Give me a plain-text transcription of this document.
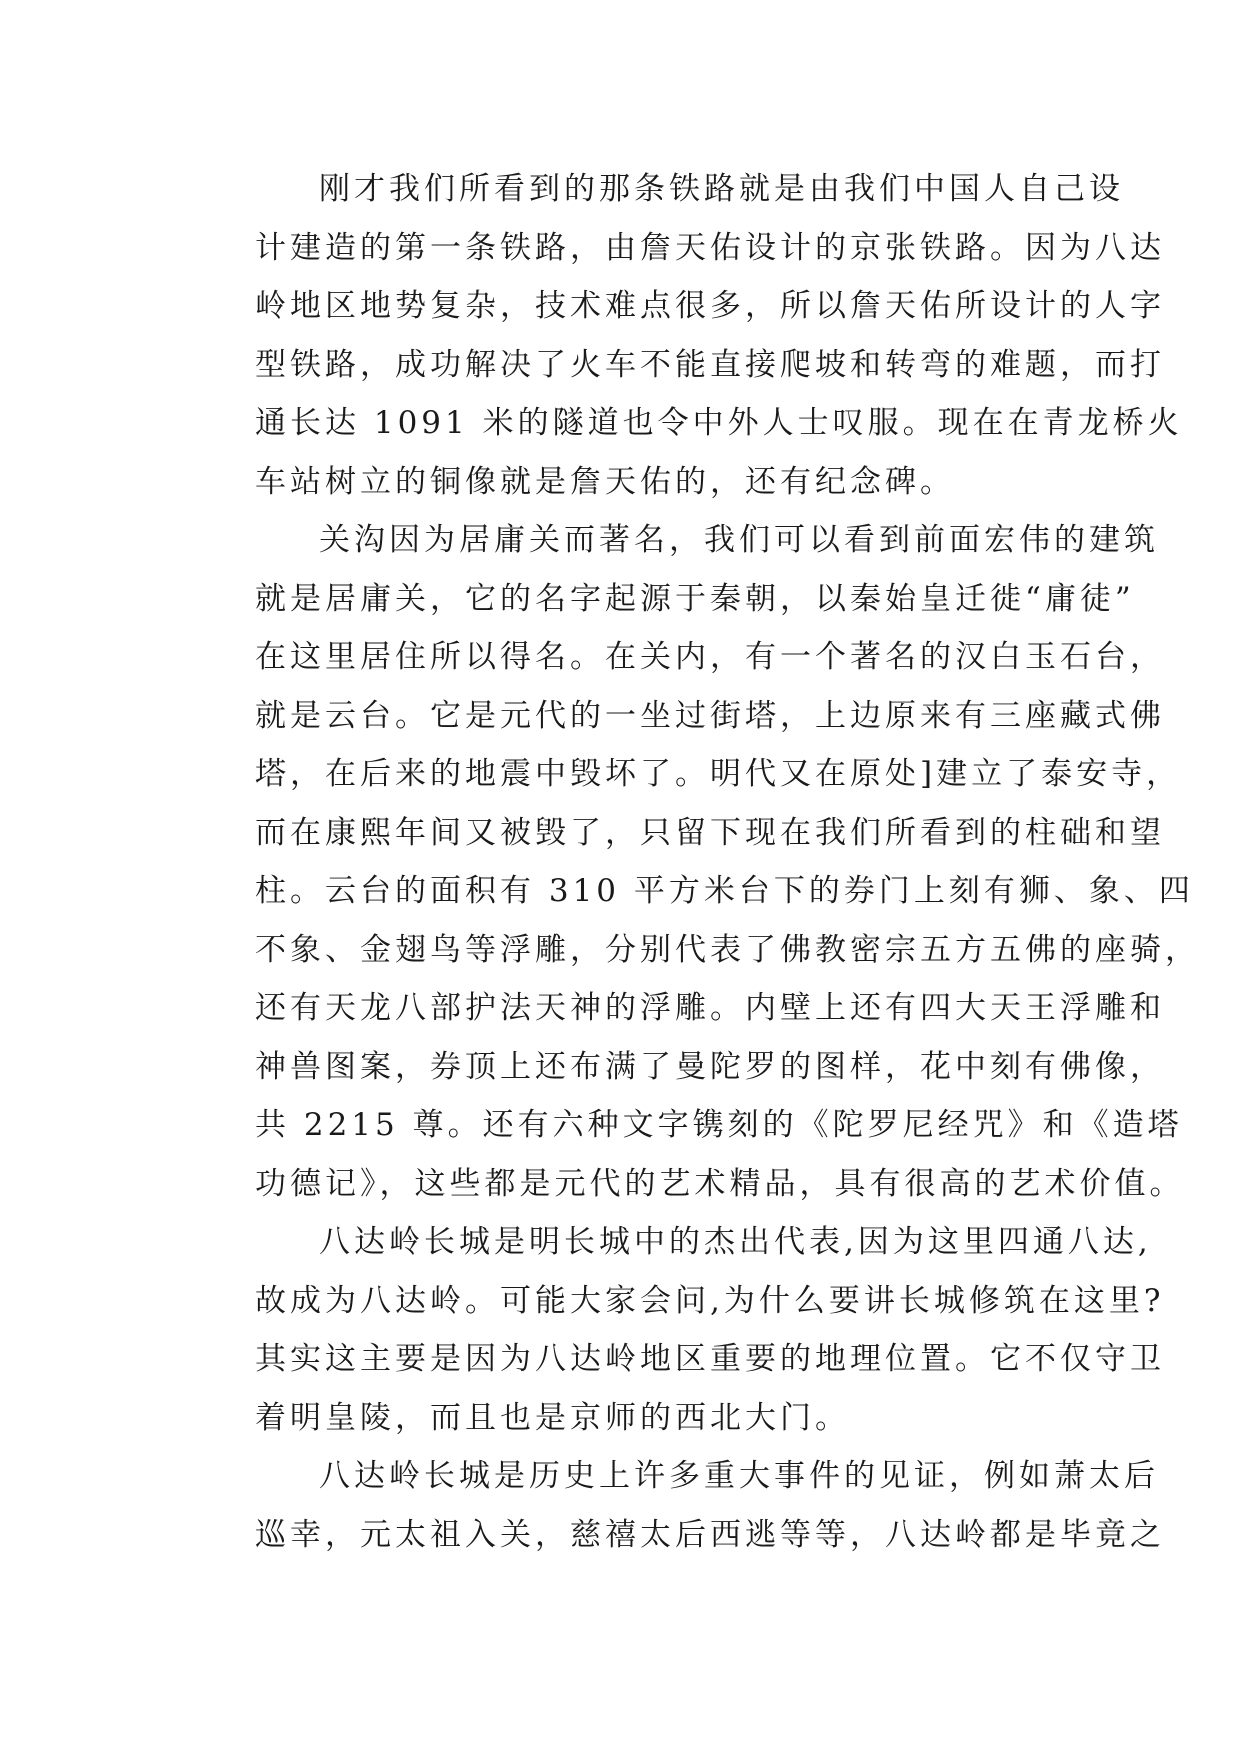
刚才我们所看到的那条铁路就是由我们中国人自己设
计建造的第一条铁路，由詹天佑设计的京张铁路。因为八达
岭地区地势复杂，技术难点很多，所以詹天佑所设计的人字
型铁路，成功解决了火车不能直接爬坡和转弯的难题，而打
通长达 1091 米的隧道也令中外人士叹服。现在在青龙桥火
车站树立的铜像就是詹天佑的，还有纪念碑。
关沟因为居庸关而著名，我们可以看到前面宏伟的建筑
就是居庸关，它的名字起源于秦朝，以秦始皇迁徙“庸徒”
在这里居住所以得名。在关内，有一个著名的汉白玉石台，
就是云台。它是元代的一坐过街塔，上边原来有三座藏式佛
塔，在后来的地震中毁坏了。明代又在原处]建立了泰安寺，
而在康熙年间又被毁了，只留下现在我们所看到的柱础和望
柱。云台的面积有 310 平方米台下的券门上刻有狮、象、四
不象、金翅鸟等浮雕，分别代表了佛教密宗五方五佛的座骑，
还有天龙八部护法天神的浮雕。内壁上还有四大天王浮雕和
神兽图案，券顶上还布满了曼陀罗的图样，花中刻有佛像，
共 2215 尊。还有六种文字镌刻的《陀罗尼经咒》和《造塔
功德记》，这些都是元代的艺术精品，具有很高的艺术价值。
八达岭长城是明长城中的杰出代表,因为这里四通八达,
故成为八达岭。可能大家会问,为什么要讲长城修筑在这里?
其实这主要是因为八达岭地区重要的地理位置。它不仅守卫
着明皇陵，而且也是京师的西北大门。
八达岭长城是历史上许多重大事件的见证，例如萧太后
巡幸，元太祖入关，慈禧太后西逃等等，八达岭都是毕竟之
